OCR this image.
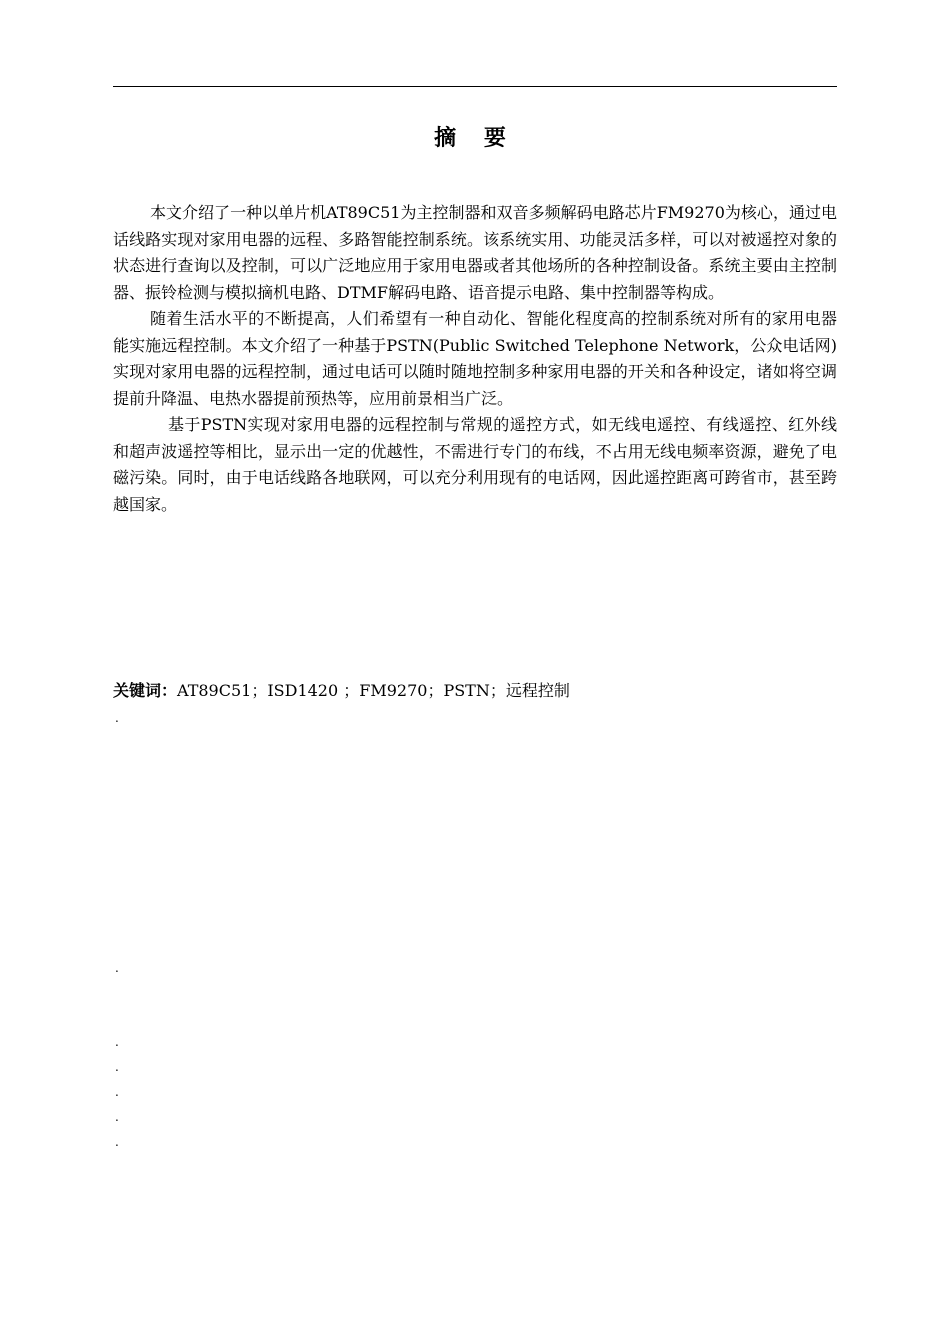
摘 要

本文介绍了一种以单片机AT89C51为主控制器和双音多频解码电路芯片FM9270为核心，通过电话线路实现对家用电器的远程、多路智能控制系统。该系统实用、功能灵活多样，可以对被遥控对象的状态进行查询以及控制，可以广泛地应用于家用电器或者其他场所的各种控制设备。系统主要由主控制器、振铃检测与模拟摘机电路、DTMF解码电路、语音提示电路、集中控制器等构成。

随着生活水平的不断提高，人们希望有一种自动化、智能化程度高的控制系统对所有的家用电器能实施远程控制。本文介绍了一种基于PSTN(Public Switched Telephone Network，公众电话网)实现对家用电器的远程控制，通过电话可以随时随地控制多种家用电器的开关和各种设定，诸如将空调提前升降温、电热水器提前预热等，应用前景相当广泛。

基于PSTN实现对家用电器的远程控制与常规的遥控方式，如无线电遥控、有线遥控、红外线和超声波遥控等相比，显示出一定的优越性，不需进行专门的布线，不占用无线电频率资源，避免了电磁污染。同时，由于电话线路各地联网，可以充分利用现有的电话网，因此遥控距离可跨省市，甚至跨越国家。

关键词：AT89C51；ISD1420 ；FM9270；PSTN；远程控制
.
.
.
.
.
.
.
